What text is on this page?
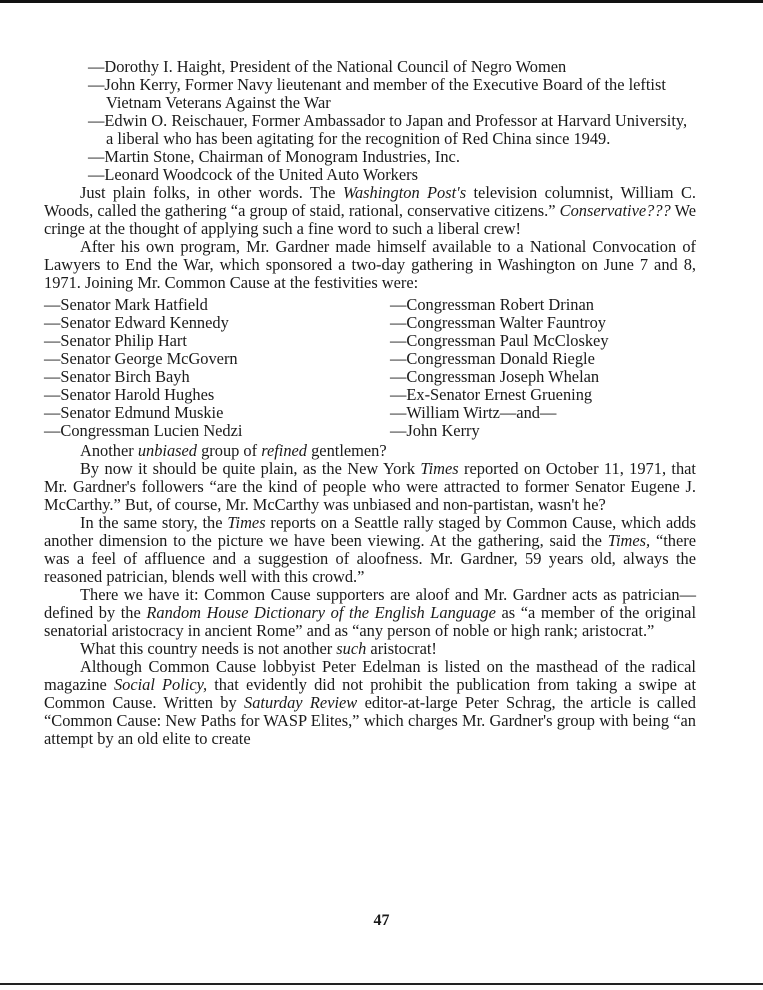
—Dorothy I. Haight, President of the National Council of Negro Women
—John Kerry, Former Navy lieutenant and member of the Executive Board of the leftist Vietnam Veterans Against the War
—Edwin O. Reischauer, Former Ambassador to Japan and Professor at Harvard University, a liberal who has been agitating for the recognition of Red China since 1949.
—Martin Stone, Chairman of Monogram Industries, Inc.
—Leonard Woodcock of the United Auto Workers

Just plain folks, in other words. The Washington Post's television columnist, William C. Woods, called the gathering “a group of staid, rational, conservative citizens.” Conservative??? We cringe at the thought of applying such a fine word to such a liberal crew!

After his own program, Mr. Gardner made himself available to a National Convocation of Lawyers to End the War, which sponsored a two-day gathering in Washington on June 7 and 8, 1971. Joining Mr. Common Cause at the festivities were:

—Senator Mark Hatfield
—Senator Edward Kennedy
—Senator Philip Hart
—Senator George McGovern
—Senator Birch Bayh
—Senator Harold Hughes
—Senator Edmund Muskie
—Congressman Lucien Nedzi
—Congressman Robert Drinan
—Congressman Walter Fauntroy
—Congressman Paul McCloskey
—Congressman Donald Riegle
—Congressman Joseph Whelan
—Ex-Senator Ernest Gruening
—William Wirtz—and—
—John Kerry

Another unbiased group of refined gentlemen?

By now it should be quite plain, as the New York Times reported on October 11, 1971, that Mr. Gardner's followers “are the kind of people who were attracted to former Senator Eugene J. McCarthy.” But, of course, Mr. McCarthy was unbiased and non-partistan, wasn't he?

In the same story, the Times reports on a Seattle rally staged by Common Cause, which adds another dimension to the picture we have been viewing. At the gathering, said the Times, “there was a feel of affluence and a suggestion of aloofness. Mr. Gardner, 59 years old, always the reasoned patrician, blends well with this crowd.”

There we have it: Common Cause supporters are aloof and Mr. Gardner acts as patrician—defined by the Random House Dictionary of the English Language as “a member of the original senatorial aristocracy in ancient Rome” and as “any person of noble or high rank; aristocrat.”

What this country needs is not another such aristocrat!

Although Common Cause lobbyist Peter Edelman is listed on the masthead of the radical magazine Social Policy, that evidently did not prohibit the publication from taking a swipe at Common Cause. Written by Saturday Review editor-at-large Peter Schrag, the article is called “Common Cause: New Paths for WASP Elites,” which charges Mr. Gardner's group with being “an attempt by an old elite to create

47
